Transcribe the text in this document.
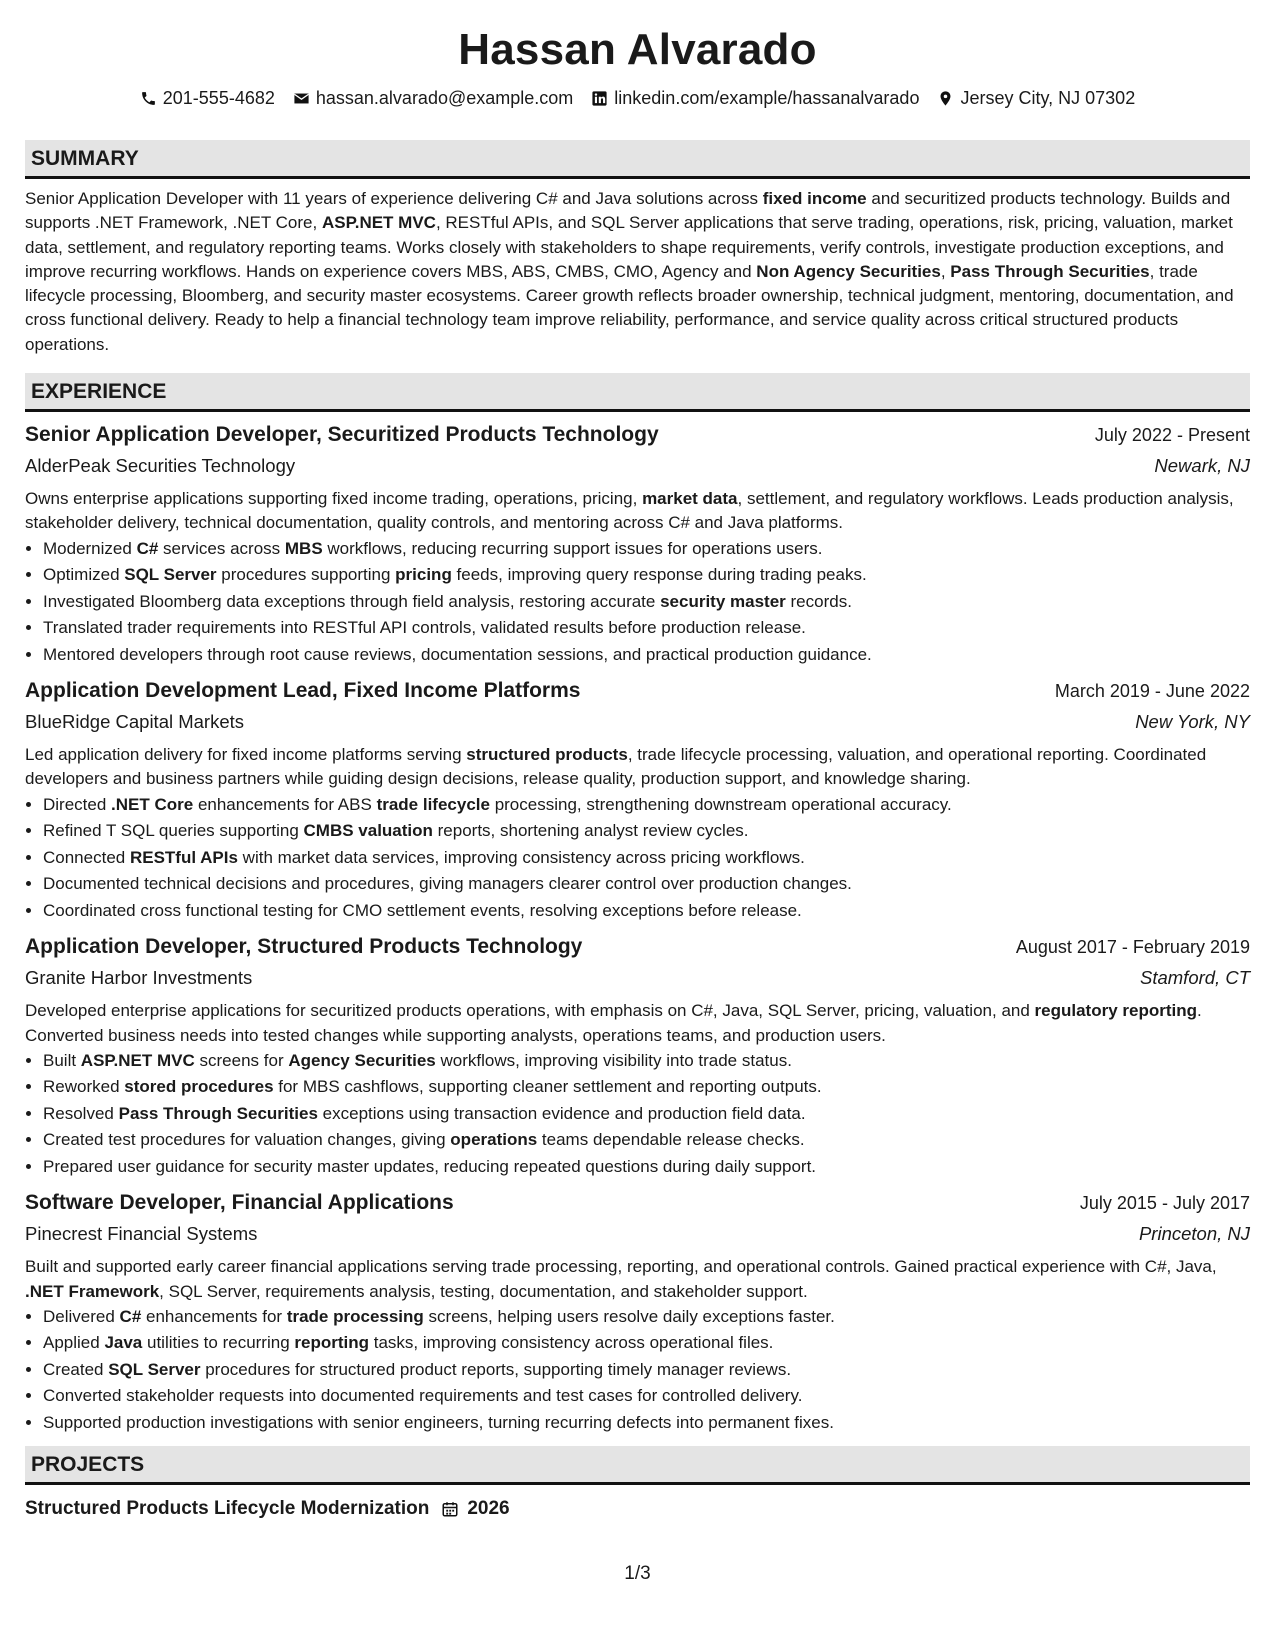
Hassan Alvarado
201-555-4682 hassan.alvarado@example.com linkedin.com/example/hassanalvarado Jersey City, NJ 07302
SUMMARY
Senior Application Developer with 11 years of experience delivering C# and Java solutions across fixed income and securitized products technology. Builds and supports .NET Framework, .NET Core, ASP.NET MVC, RESTful APIs, and SQL Server applications that serve trading, operations, risk, pricing, valuation, market data, settlement, and regulatory reporting teams. Works closely with stakeholders to shape requirements, verify controls, investigate production exceptions, and improve recurring workflows. Hands on experience covers MBS, ABS, CMBS, CMO, Agency and Non Agency Securities, Pass Through Securities, trade lifecycle processing, Bloomberg, and security master ecosystems. Career growth reflects broader ownership, technical judgment, mentoring, documentation, and cross functional delivery. Ready to help a financial technology team improve reliability, performance, and service quality across critical structured products operations.
EXPERIENCE
Senior Application Developer, Securitized Products Technology	July 2022 - Present
AlderPeak Securities Technology	Newark, NJ
Owns enterprise applications supporting fixed income trading, operations, pricing, market data, settlement, and regulatory workflows. Leads production analysis, stakeholder delivery, technical documentation, quality controls, and mentoring across C# and Java platforms.
• Modernized C# services across MBS workflows, reducing recurring support issues for operations users.
• Optimized SQL Server procedures supporting pricing feeds, improving query response during trading peaks.
• Investigated Bloomberg data exceptions through field analysis, restoring accurate security master records.
• Translated trader requirements into RESTful API controls, validated results before production release.
• Mentored developers through root cause reviews, documentation sessions, and practical production guidance.
Application Development Lead, Fixed Income Platforms	March 2019 - June 2022
BlueRidge Capital Markets	New York, NY
Led application delivery for fixed income platforms serving structured products, trade lifecycle processing, valuation, and operational reporting. Coordinated developers and business partners while guiding design decisions, release quality, production support, and knowledge sharing.
• Directed .NET Core enhancements for ABS trade lifecycle processing, strengthening downstream operational accuracy.
• Refined T SQL queries supporting CMBS valuation reports, shortening analyst review cycles.
• Connected RESTful APIs with market data services, improving consistency across pricing workflows.
• Documented technical decisions and procedures, giving managers clearer control over production changes.
• Coordinated cross functional testing for CMO settlement events, resolving exceptions before release.
Application Developer, Structured Products Technology	August 2017 - February 2019
Granite Harbor Investments	Stamford, CT
Developed enterprise applications for securitized products operations, with emphasis on C#, Java, SQL Server, pricing, valuation, and regulatory reporting. Converted business needs into tested changes while supporting analysts, operations teams, and production users.
• Built ASP.NET MVC screens for Agency Securities workflows, improving visibility into trade status.
• Reworked stored procedures for MBS cashflows, supporting cleaner settlement and reporting outputs.
• Resolved Pass Through Securities exceptions using transaction evidence and production field data.
• Created test procedures for valuation changes, giving operations teams dependable release checks.
• Prepared user guidance for security master updates, reducing repeated questions during daily support.
Software Developer, Financial Applications	July 2015 - July 2017
Pinecrest Financial Systems	Princeton, NJ
Built and supported early career financial applications serving trade processing, reporting, and operational controls. Gained practical experience with C#, Java, .NET Framework, SQL Server, requirements analysis, testing, documentation, and stakeholder support.
• Delivered C# enhancements for trade processing screens, helping users resolve daily exceptions faster.
• Applied Java utilities to recurring reporting tasks, improving consistency across operational files.
• Created SQL Server procedures for structured product reports, supporting timely manager reviews.
• Converted stakeholder requests into documented requirements and test cases for controlled delivery.
• Supported production investigations with senior engineers, turning recurring defects into permanent fixes.
PROJECTS
Structured Products Lifecycle Modernization 2026
1/3
